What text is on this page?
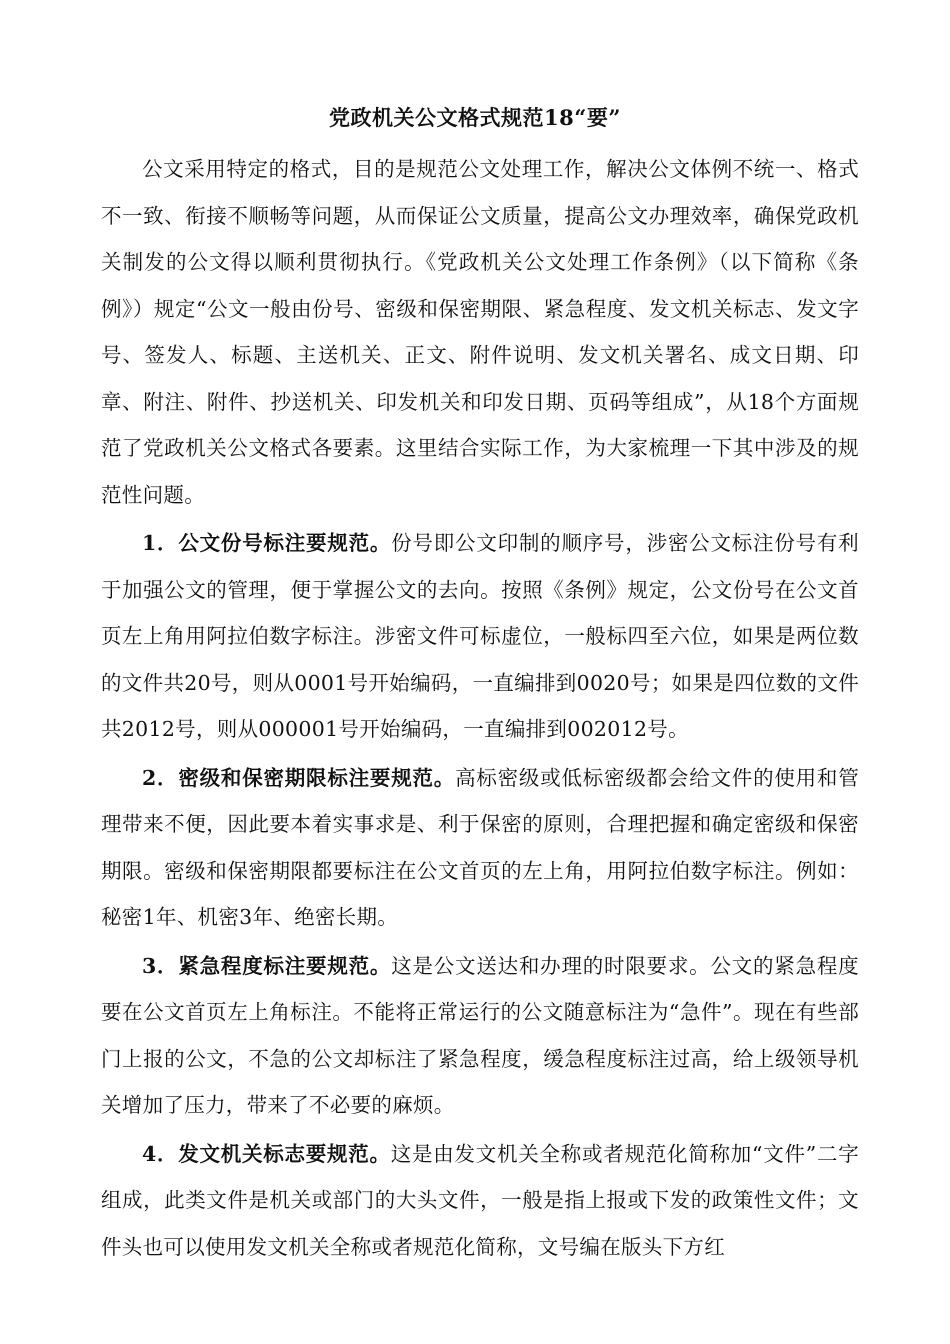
党政机关公文格式规范18“要”

公文采用特定的格式，目的是规范公文处理工作，解决公文体例不统一、格式不一致、衔接不顺畅等问题，从而保证公文质量，提高公文办理效率，确保党政机关制发的公文得以顺利贯彻执行。《党政机关公文处理工作条例》（以下简称《条例》）规定“公文一般由份号、密级和保密期限、紧急程度、发文机关标志、发文字号、签发人、标题、主送机关、正文、附件说明、发文机关署名、成文日期、印章、附注、附件、抄送机关、印发机关和印发日期、页码等组成”，从18个方面规范了党政机关公文格式各要素。这里结合实际工作，为大家梳理一下其中涉及的规范性问题。

1．公文份号标注要规范。份号即公文印制的顺序号，涉密公文标注份号有利于加强公文的管理，便于掌握公文的去向。按照《条例》规定，公文份号在公文首页左上角用阿拉伯数字标注。涉密文件可标虚位，一般标四至六位，如果是两位数的文件共20号，则从0001号开始编码，一直编排到0020号；如果是四位数的文件共2012号，则从000001号开始编码，一直编排到002012号。

2．密级和保密期限标注要规范。高标密级或低标密级都会给文件的使用和管理带来不便，因此要本着实事求是、利于保密的原则，合理把握和确定密级和保密期限。密级和保密期限都要标注在公文首页的左上角，用阿拉伯数字标注。例如：秘密1年、机密3年、绝密长期。

3．紧急程度标注要规范。这是公文送达和办理的时限要求。公文的紧急程度要在公文首页左上角标注。不能将正常运行的公文随意标注为“急件”。现在有些部门上报的公文，不急的公文却标注了紧急程度，缓急程度标注过高，给上级领导机关增加了压力，带来了不必要的麻烦。

4．发文机关标志要规范。这是由发文机关全称或者规范化简称加“文件”二字组成，此类文件是机关或部门的大头文件，一般是指上报或下发的政策性文件；文件头也可以使用发文机关全称或者规范化简称，文号编在版头下方红
